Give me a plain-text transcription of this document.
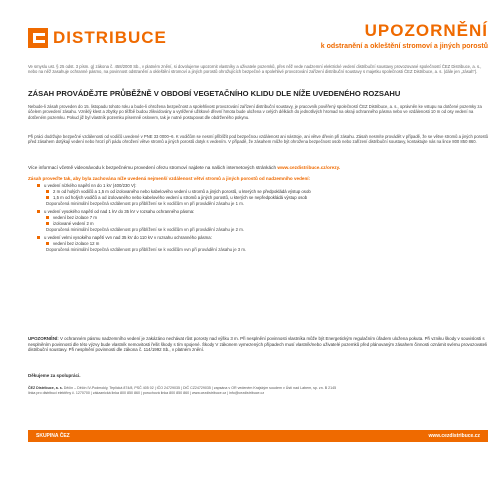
DISTRIBUCE	UPOZORNĚNÍ
k odstranění a okleštění stromoví a jiných porostů
Ve smyslu ust. § 25 odst. 3 písm. g) zákona č. 458/2000 Sb., v platném znění, si dovolujeme upozornit vlastníky a uživatele pozemků, přes něž vede nadzemní elektrické vedení distribuční soustavy provozované společností ČEZ Distribuce, a. s., nebo na něž zasahuje ochranné pásmo, na povinnost odstranění a okleštění stromoví a jiných porostů ohrožujících bezpečné a spolehlivé provozování zařízení distribuční soustavy s majetku společnosti ČEZ Distribuce, a. s. (dále jen „zásah“).
ZÁSAH PROVÁDĚJTE PRŮBĚŽNĚ V OBDOBÍ VEGETAČNÍHO KLIDU DLE NÍŽE UVEDENÉHO ROZSAHU
Nebude-li zásah proveden do 15. listopadu tohoto roku a bude-li ohrožena bezpečnost a spolehlivost provozování zařízení distribuční soustavy, je pracovník pověřený společností ČEZ Distribuce, a. s., oprávněn ke vstupu na dotčené pozemky za účelem provedení zásahu. Vzniklý klest a zbytky po těžbě budou zlikvidovány a vytěžené užitkové dřevní hmota bude uložena v celých délkách do jednotlivých hromad na okraji ochranného pásma nebo ve vzdálenosti 10 m od osy vedení na dotčeném pozemku. Pokud již byl vlastník pozemku písemně oslovem, tak je nutné postupovat dle obdrženého pokynu.
Při práci dodržujte bezpečné vzdálenosti od vodičů uvedené v PNE 33 0000–6. K vodičům se nesmí přiblížit pod bezpečnou vzdálenost ani nástroje, ani větve dřevin při zásahu. Zásah nesmíte provádět v případě, že se větve stromů a jiných porostů před zásahem dotýkají vedení nebo hrozí při pádu ohrožení větve stromů a jiných porostů dotyk s vedením. V případě, že zásahem může být ohrožena bezpečnost osob nebo zařízení distribuční soustavy, kontaktujte nás na lince 800 850 860.
Více informací včetně videonávodu k bezpečnému provedení ořezu stromoví najdete na našich internetových stránkách www.cezdistribuce.cz/orezy.
Zásah proveďte tak, aby byla zachována níže uvedená nejmenší vzdálenost větví stromů a jiných porostů od nadzemního vedení:
u vedení nízkého napětí nn do 1 kV (400/230 V):
2 m od holých vodičů a 1,5 m od izolovaného nebo kabelového vedení u stromů a jiných porostů, u kterých se předpokládá výstup osob
1,5 m od holých vodičů a od izolovaného nebo kabelového vedení u stromů a jiných porostů, u kterých se nepředpokládá výstup osob
Doporučená minimální bezpečná vzdálenost pro přiblížení se k vodičům vn při provádění zásahu je 1 m.
u vedení vysokého napětí od nad 1 kV do 35 kV v rozsahu ochranného pásma:
vedení bez izolace 7 m
izolované vedení 2 m
Doporučená minimální bezpečná vzdálenost pro přiblížení se k vodičům vn při provádění zásahu je 2 m.
u vedení velmi vysokého napětí vvn nad 35 kV do 110 kV v rozsahu ochranného pásma:
vedení bez izolace 12 m
Doporučená minimální bezpečná vzdálenost pro přiblížení se k vodičům vvn při provádění zásahu je 3 m.
UPOZORNĚNÍ: V ochranném pásmu nadzemního vedení je zakázáno nechávat růst porosty nad výšku 3 m. Při nesplnění povinnosti vlastníka může být Energetickým regulačním úřadem uložena pokuta. Při vzniku škody v souvislosti s nesplněním povinnosti dle této výzvy bude vlastník nemovitosti řešit škody s tím spojené. Škody V zákonem vymezených případech musí vlastník/nebo uživatelé pozemků před plánovaným zásahem činnosti oznámit svému provozovateli distribuční soustavy. Při nesplnění povinnosti dle zákona č. 114/1992 Sb., v platném znění.
Děkujeme za spolupráci.
ČEZ Distribuce, a. s. Děčín – Děčín IV-Podmokly, Teplická 874/8, PSČ 405 02 | IČO 24729035 | DIČ CZ24729035 | zapsána v OR vedeném Krajským soudem v Ústí nad Labem, sp. zn. B 2145
linka pro distribuci elektřiny č. 1270700 | zákaznická linka 800 850 860 | poruchová linka 800 850 860 | www.cezdistribuce.cz | info@cezdistribuce.cz
SKUPINA ČEZ	www.cezdistribuce.cz
